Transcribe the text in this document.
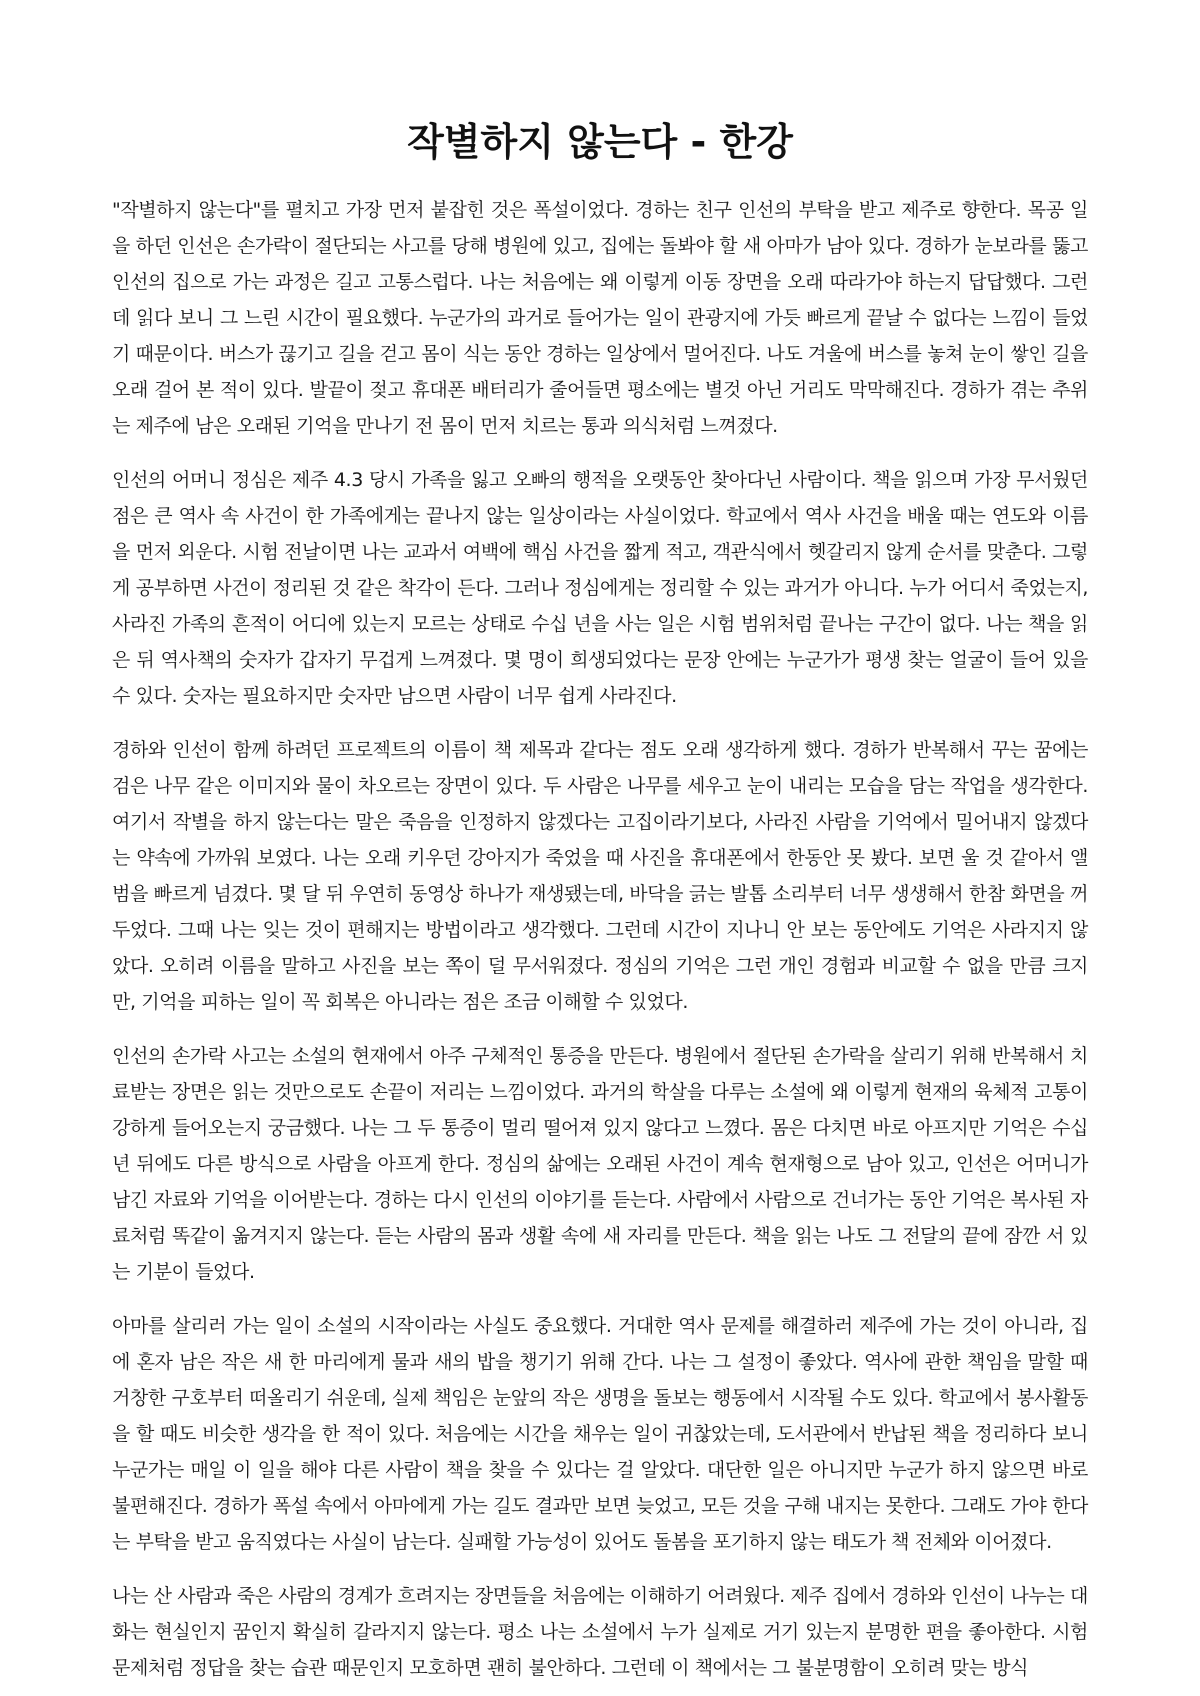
작별하지 않는다 - 한강

"작별하지 않는다"를 펼치고 가장 먼저 붙잡힌 것은 폭설이었다. 경하는 친구 인선의 부탁을 받고 제주로 향한다. 목공 일을 하던 인선은 손가락이 절단되는 사고를 당해 병원에 있고, 집에는 돌봐야 할 새 아마가 남아 있다. 경하가 눈보라를 뚫고 인선의 집으로 가는 과정은 길고 고통스럽다. 나는 처음에는 왜 이렇게 이동 장면을 오래 따라가야 하는지 답답했다. 그런데 읽다 보니 그 느린 시간이 필요했다. 누군가의 과거로 들어가는 일이 관광지에 가듯 빠르게 끝날 수 없다는 느낌이 들었기 때문이다. 버스가 끊기고 길을 걷고 몸이 식는 동안 경하는 일상에서 멀어진다. 나도 겨울에 버스를 놓쳐 눈이 쌓인 길을 오래 걸어 본 적이 있다. 발끝이 젖고 휴대폰 배터리가 줄어들면 평소에는 별것 아닌 거리도 막막해진다. 경하가 겪는 추위는 제주에 남은 오래된 기억을 만나기 전 몸이 먼저 치르는 통과 의식처럼 느껴졌다.

인선의 어머니 정심은 제주 4.3 당시 가족을 잃고 오빠의 행적을 오랫동안 찾아다닌 사람이다. 책을 읽으며 가장 무서웠던 점은 큰 역사 속 사건이 한 가족에게는 끝나지 않는 일상이라는 사실이었다. 학교에서 역사 사건을 배울 때는 연도와 이름을 먼저 외운다. 시험 전날이면 나는 교과서 여백에 핵심 사건을 짧게 적고, 객관식에서 헷갈리지 않게 순서를 맞춘다. 그렇게 공부하면 사건이 정리된 것 같은 착각이 든다. 그러나 정심에게는 정리할 수 있는 과거가 아니다. 누가 어디서 죽었는지, 사라진 가족의 흔적이 어디에 있는지 모르는 상태로 수십 년을 사는 일은 시험 범위처럼 끝나는 구간이 없다. 나는 책을 읽은 뒤 역사책의 숫자가 갑자기 무겁게 느껴졌다. 몇 명이 희생되었다는 문장 안에는 누군가가 평생 찾는 얼굴이 들어 있을 수 있다. 숫자는 필요하지만 숫자만 남으면 사람이 너무 쉽게 사라진다.

경하와 인선이 함께 하려던 프로젝트의 이름이 책 제목과 같다는 점도 오래 생각하게 했다. 경하가 반복해서 꾸는 꿈에는 검은 나무 같은 이미지와 물이 차오르는 장면이 있다. 두 사람은 나무를 세우고 눈이 내리는 모습을 담는 작업을 생각한다. 여기서 작별을 하지 않는다는 말은 죽음을 인정하지 않겠다는 고집이라기보다, 사라진 사람을 기억에서 밀어내지 않겠다는 약속에 가까워 보였다. 나는 오래 키우던 강아지가 죽었을 때 사진을 휴대폰에서 한동안 못 봤다. 보면 울 것 같아서 앨범을 빠르게 넘겼다. 몇 달 뒤 우연히 동영상 하나가 재생됐는데, 바닥을 긁는 발톱 소리부터 너무 생생해서 한참 화면을 꺼 두었다. 그때 나는 잊는 것이 편해지는 방법이라고 생각했다. 그런데 시간이 지나니 안 보는 동안에도 기억은 사라지지 않았다. 오히려 이름을 말하고 사진을 보는 쪽이 덜 무서워졌다. 정심의 기억은 그런 개인 경험과 비교할 수 없을 만큼 크지만, 기억을 피하는 일이 꼭 회복은 아니라는 점은 조금 이해할 수 있었다.

인선의 손가락 사고는 소설의 현재에서 아주 구체적인 통증을 만든다. 병원에서 절단된 손가락을 살리기 위해 반복해서 치료받는 장면은 읽는 것만으로도 손끝이 저리는 느낌이었다. 과거의 학살을 다루는 소설에 왜 이렇게 현재의 육체적 고통이 강하게 들어오는지 궁금했다. 나는 그 두 통증이 멀리 떨어져 있지 않다고 느꼈다. 몸은 다치면 바로 아프지만 기억은 수십 년 뒤에도 다른 방식으로 사람을 아프게 한다. 정심의 삶에는 오래된 사건이 계속 현재형으로 남아 있고, 인선은 어머니가 남긴 자료와 기억을 이어받는다. 경하는 다시 인선의 이야기를 듣는다. 사람에서 사람으로 건너가는 동안 기억은 복사된 자료처럼 똑같이 옮겨지지 않는다. 듣는 사람의 몸과 생활 속에 새 자리를 만든다. 책을 읽는 나도 그 전달의 끝에 잠깐 서 있는 기분이 들었다.

아마를 살리러 가는 일이 소설의 시작이라는 사실도 중요했다. 거대한 역사 문제를 해결하러 제주에 가는 것이 아니라, 집에 혼자 남은 작은 새 한 마리에게 물과 새의 밥을 챙기기 위해 간다. 나는 그 설정이 좋았다. 역사에 관한 책임을 말할 때 거창한 구호부터 떠올리기 쉬운데, 실제 책임은 눈앞의 작은 생명을 돌보는 행동에서 시작될 수도 있다. 학교에서 봉사활동을 할 때도 비슷한 생각을 한 적이 있다. 처음에는 시간을 채우는 일이 귀찮았는데, 도서관에서 반납된 책을 정리하다 보니 누군가는 매일 이 일을 해야 다른 사람이 책을 찾을 수 있다는 걸 알았다. 대단한 일은 아니지만 누군가 하지 않으면 바로 불편해진다. 경하가 폭설 속에서 아마에게 가는 길도 결과만 보면 늦었고, 모든 것을 구해 내지는 못한다. 그래도 가야 한다는 부탁을 받고 움직였다는 사실이 남는다. 실패할 가능성이 있어도 돌봄을 포기하지 않는 태도가 책 전체와 이어졌다.

나는 산 사람과 죽은 사람의 경계가 흐려지는 장면들을 처음에는 이해하기 어려웠다. 제주 집에서 경하와 인선이 나누는 대화는 현실인지 꿈인지 확실히 갈라지지 않는다. 평소 나는 소설에서 누가 실제로 거기 있는지 분명한 편을 좋아한다. 시험 문제처럼 정답을 찾는 습관 때문인지 모호하면 괜히 불안하다. 그런데 이 책에서는 그 불분명함이 오히려 맞는 방식
